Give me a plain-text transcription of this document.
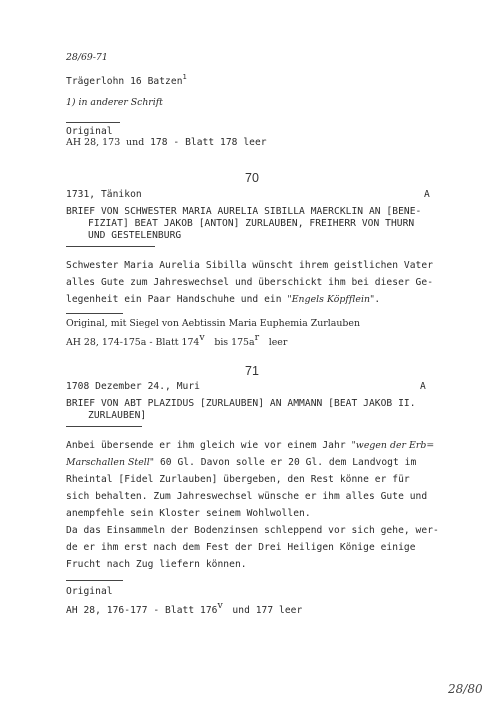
28/69-71
Trägerlohn 16 Batzen$^1$
1) in anderer Schrift
Original
AH 28, 173 und 178 - Blatt 178 leer
70
1731, Tänikon	A
BRIEF VON SCHWESTER MARIA AURELIA SIBILLA MAERCKLIN AN [BENE-
FIZIAT] BEAT JAKOB [ANTON] ZURLAUBEN, FREIHERR VON THURN
UND GESTELENBURG
Schwester Maria Aurelia Sibilla wünscht ihrem geistlichen Vater
alles Gute zum Jahreswechsel und überschickt ihm bei dieser Ge-
legenheit ein Paar Handschuhe und ein "Engels Köpfflein".
Original, mit Siegel von Aebtissin Maria Euphemia Zurlauben
AH 28, 174-175a - Blatt 174$^v$ bis $175a^r$ leer
71
1708 Dezember 24., Muri	A
BRIEF VON ABT PLAZIDUS [ZURLAUBEN] AN AMMANN [BEAT JAKOB II.
ZURLAUBEN]
Anbei übersende er ihm gleich wie vor einem Jahr "wegen der Erb=
Marschallen Stell" 60 Gl. Davon solle er 20 Gl. dem Landvogt im
Rheintal [Fidel Zurlauben] übergeben, den Rest könne er für
sich behalten. Zum Jahreswechsel wünsche er ihm alles Gute und
anempfehle sein Kloster seinem Wohlwollen.
Da das Einsammeln der Bodenzinsen schleppend vor sich gehe, wer-
de er ihm erst nach dem Fest der Drei Heiligen Könige einige
Frucht nach Zug liefern können.
Original
AH 28, 176-177 - Blatt 176$^v$ und 177 leer
28/80
